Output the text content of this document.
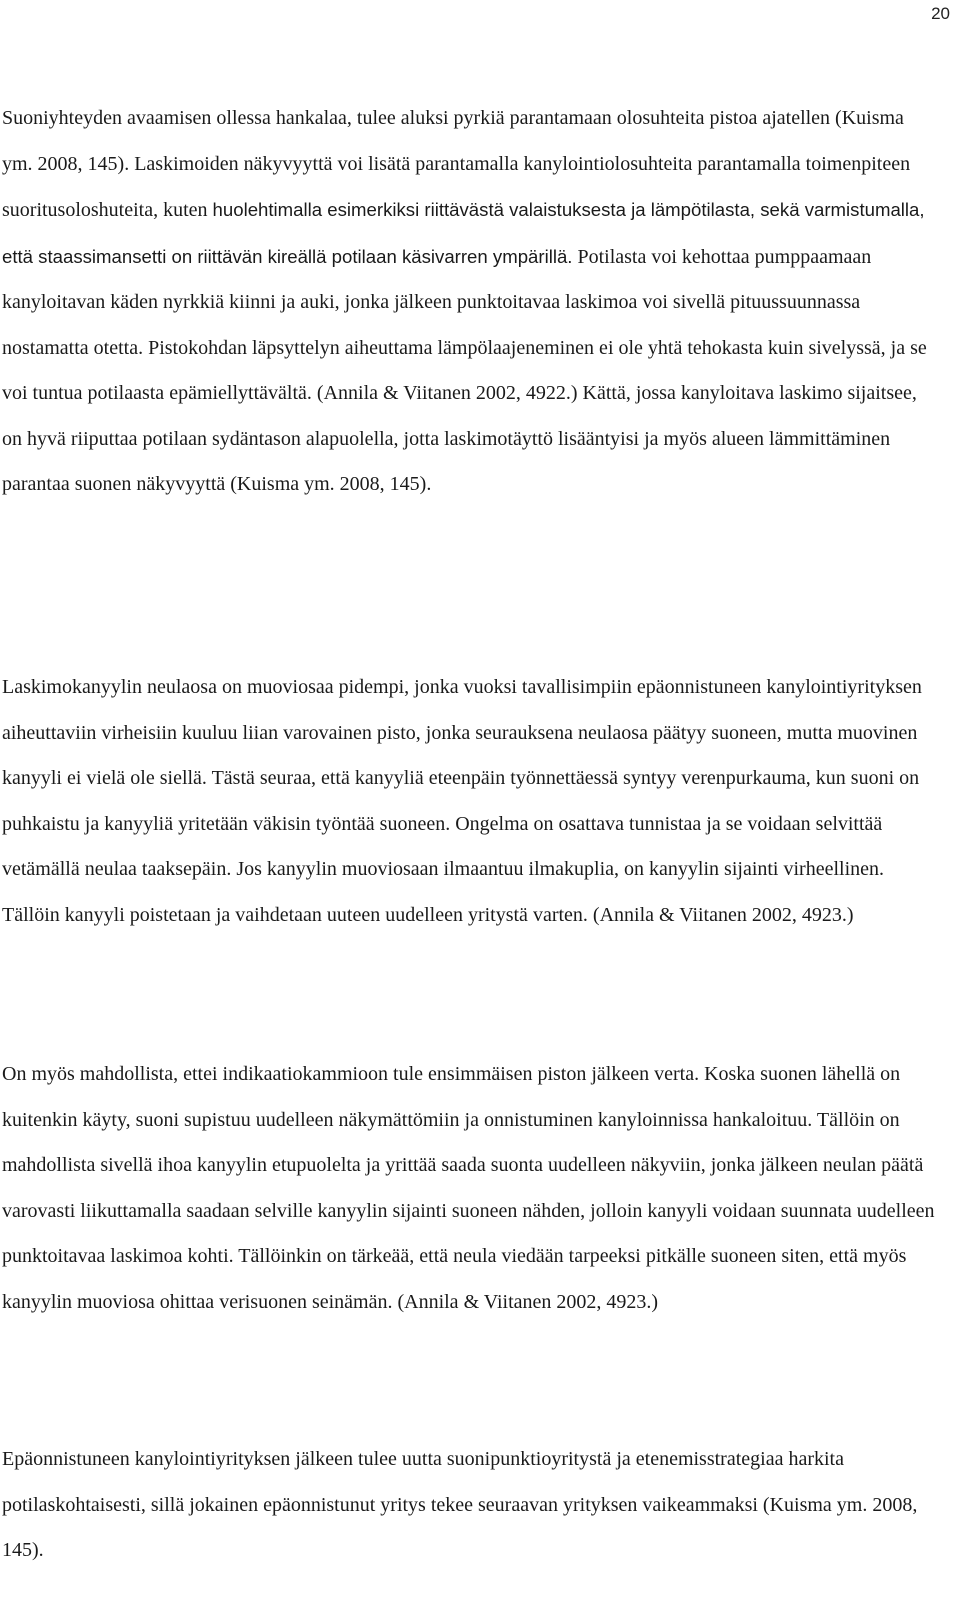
20

Suoniyhteyden avaamisen ollessa hankalaa, tulee aluksi pyrkiä parantamaan olosuhteita pistoa ajatellen (Kuisma ym. 2008, 145). Laskimoiden näkyvyyttä voi lisätä parantamalla kanylointiolosuhteita parantamalla toimenpiteen suoritusoloshuteita, kuten huolehtimalla esimerkiksi riittävästä valaistuksesta ja lämpötilasta, sekä varmistumalla, että staassimansetti on riittävän kireällä potilaan käsivarren ympärillä. Potilasta voi kehottaa pumppaamaan kanyloitavan käden nyrkkiä kiinni ja auki, jonka jälkeen punktoitavaa laskimoa voi sivellä pituussuunnassa nostamatta otetta. Pistokohdan läpsyttelyn aiheuttama lämpölaajeneminen ei ole yhtä tehokasta kuin sivelyssä, ja se voi tuntua potilaasta epämiellyttävältä. (Annila & Viitanen 2002, 4922.) Kättä, jossa kanyloitava laskimo sijaitsee, on hyvä riiputtaa potilaan sydäntason alapuolella, jotta laskimotäyttö lisääntyisi ja myös alueen lämmittäminen parantaa suonen näkyvyyttä (Kuisma ym. 2008, 145).

Laskimokanyylin neulaosa on muoviosaa pidempi, jonka vuoksi tavallisimpiin epäonnistuneen kanylointiyrityksen aiheuttaviin virheisiin kuuluu liian varovainen pisto, jonka seurauksena neulaosa päätyy suoneen, mutta muovinen kanyyli ei vielä ole siellä. Tästä seuraa, että kanyyliä eteenpäin työnnettäessä syntyy verenpurkauma, kun suoni on puhkaistu ja kanyyliä yritetään väkisin työntää suoneen. Ongelma on osattava tunnistaa ja se voidaan selvittää vetämällä neulaa taaksepäin. Jos kanyylin muoviosaan ilmaantuu ilmakuplia, on kanyylin sijainti virheellinen. Tällöin kanyyli poistetaan ja vaihdetaan uuteen uudelleen yritystä varten. (Annila & Viitanen 2002, 4923.)

On myös mahdollista, ettei indikaatiokammioon tule ensimmäisen piston jälkeen verta. Koska suonen lähellä on kuitenkin käyty, suoni supistuu uudelleen näkymättömiin ja onnistuminen kanyloinnissa hankaloituu. Tällöin on mahdollista sivellä ihoa kanyylin etupuolelta ja yrittää saada suonta uudelleen näkyviin, jonka jälkeen neulan päätä varovasti liikuttamalla saadaan selville kanyylin sijainti suoneen nähden, jolloin kanyyli voidaan suunnata uudelleen punktoitavaa laskimoa kohti. Tällöinkin on tärkeää, että neula viedään tarpeeksi pitkälle suoneen siten, että myös kanyylin muoviosa ohittaa verisuonen seinämän. (Annila & Viitanen 2002, 4923.)

Epäonnistuneen kanylointiyrityksen jälkeen tulee uutta suonipunktioyritystä ja etenemisstrategiaa harkita potilaskohtaisesti, sillä jokainen epäonnistunut yritys tekee seuraavan yrityksen vaikeammaksi (Kuisma ym. 2008, 145).
